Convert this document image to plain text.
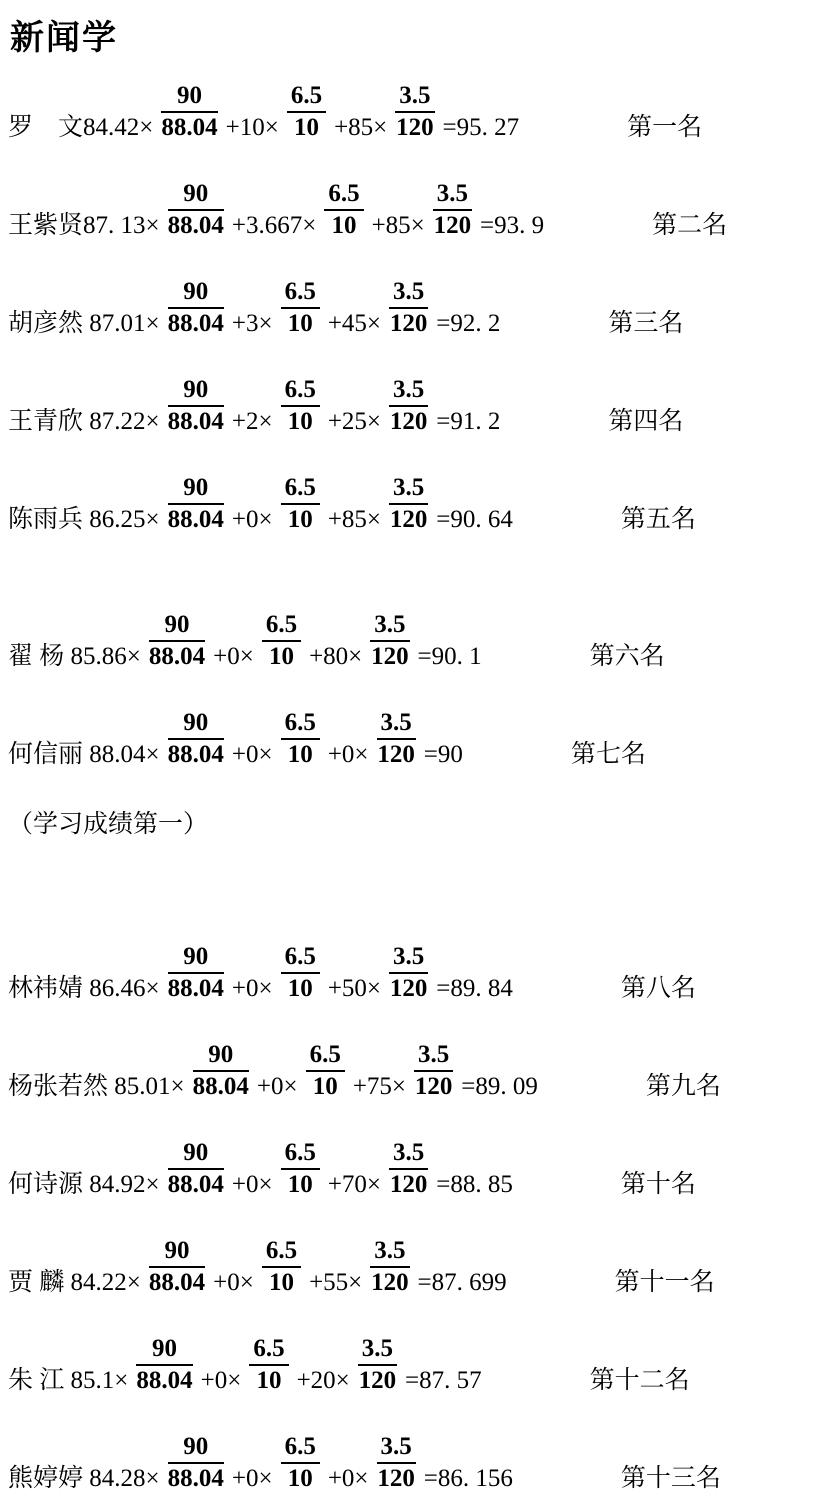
新闻学
罗　文$84.42\times \frac{90}{88.04} +10\times \frac{6.5}{10} +85\times \frac{3.5}{120} =95$. 27	第一名
王紫贤87. $13\times \frac{90}{88.04} +3.667\times \frac{6.5}{10} +85\times \frac{3.5}{120} =93$. 9	第二名
胡彦然 $87.01\times \frac{90}{88.04} +3\times \frac{6.5}{10} +45\times \frac{3.5}{120} =92$. 2	第三名
王青欣 $87.22\times \frac{90}{88.04} +2\times \frac{6.5}{10} +25\times \frac{3.5}{120} =91$. 2	第四名
陈雨兵 $86.25\times \frac{90}{88.04} +0\times \frac{6.5}{10} +85\times \frac{3.5}{120} =90$. 64	第五名
翟 杨 $85.86\times \frac{90}{88.04} +0\times \frac{6.5}{10} +80\times \frac{3.5}{120} =90$. 1	第六名
何信丽 $88.04\times \frac{90}{88.04} +0\times \frac{6.5}{10} +0\times \frac{3.5}{120} =90$	第七名
（学习成绩第一）
林祎婧 $86.46\times \frac{90}{88.04} +0\times \frac{6.5}{10} +50\times \frac{3.5}{120} =89$. 84	第八名
杨张若然 $85.01\times \frac{90}{88.04} +0\times \frac{6.5}{10} +75\times \frac{3.5}{120} =89$. 09	第九名
何诗源 $84.92\times \frac{90}{88.04} +0\times \frac{6.5}{10} +70\times \frac{3.5}{120} =88$. 85	第十名
贾 麟 $84.22\times \frac{90}{88.04} +0\times \frac{6.5}{10} +55\times \frac{3.5}{120} =87$. 699	第十一名
朱 江 $85.1\times \frac{90}{88.04} +0\times \frac{6.5}{10} +20\times \frac{3.5}{120} =87$. 57	第十二名
熊婷婷 $84.28\times \frac{90}{88.04} +0\times \frac{6.5}{10} +0\times \frac{3.5}{120} =86$. 156	第十三名
